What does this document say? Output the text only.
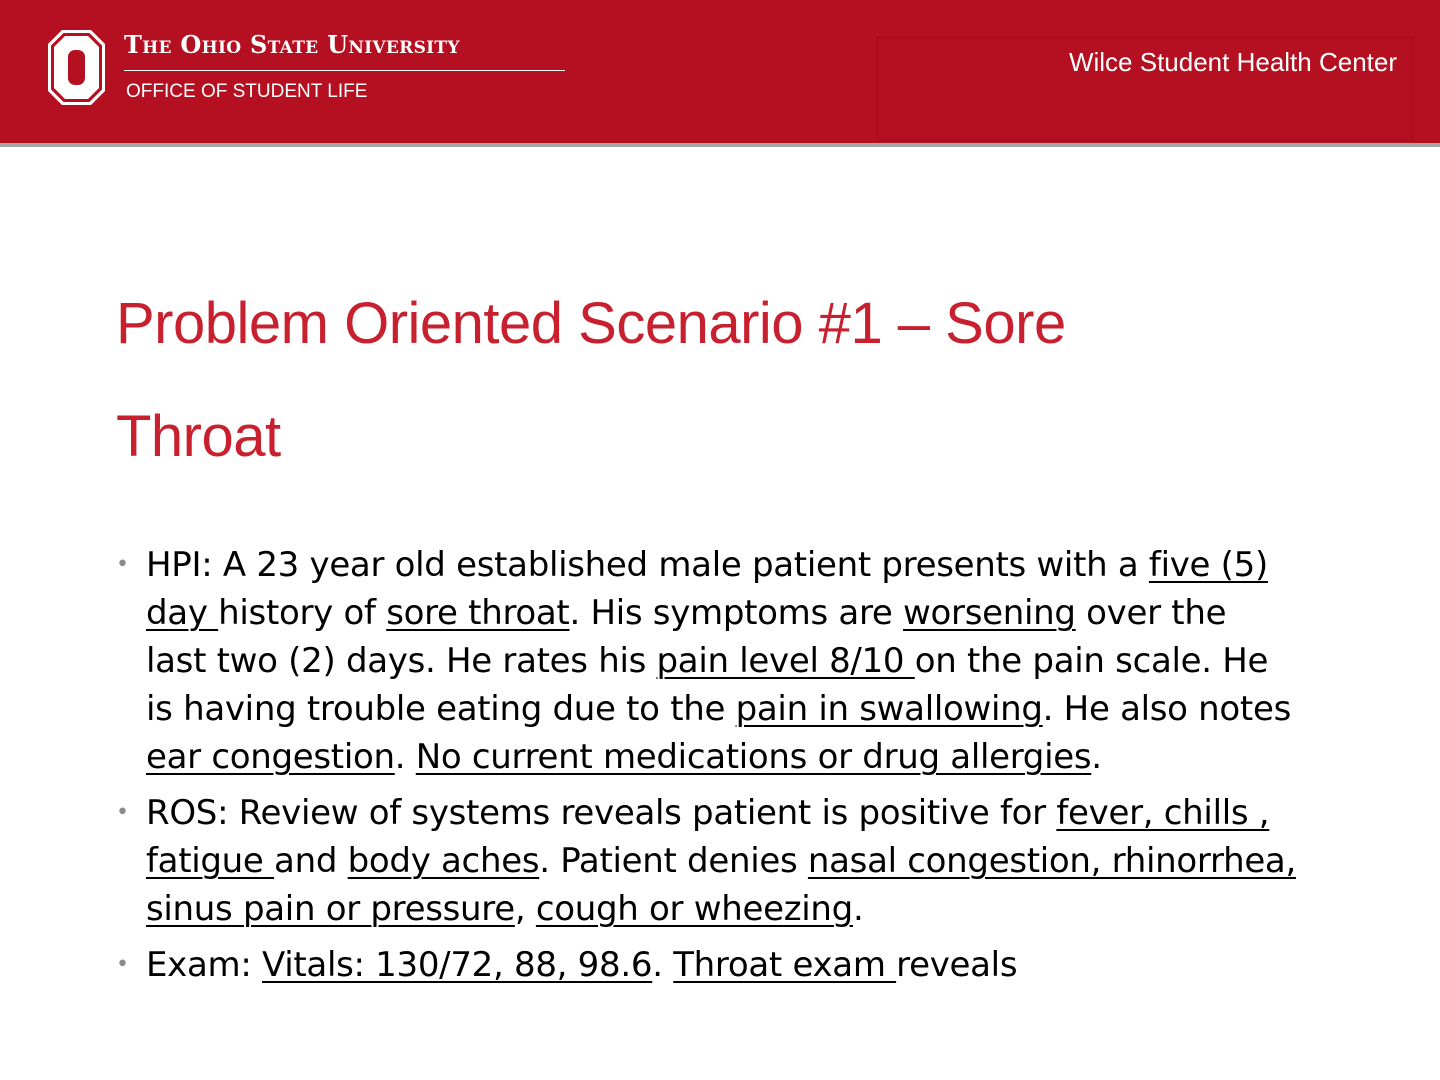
The Ohio State University
OFFICE OF STUDENT LIFE
Wilce Student Health Center
Problem Oriented Scenario #1 – Sore
Throat
• HPI: A 23 year old established male patient presents with a five (5) day history of sore throat. His symptoms are worsening over the last two (2) days. He rates his pain level 8/10 on the pain scale. He is having trouble eating due to the pain in swallowing. He also notes ear congestion. No current medications or drug allergies.
• ROS: Review of systems reveals patient is positive for fever, chills , fatigue and body aches. Patient denies nasal congestion, rhinorrhea, sinus pain or pressure, cough or wheezing.
• Exam: Vitals: 130/72, 88, 98.6. Throat exam reveals
